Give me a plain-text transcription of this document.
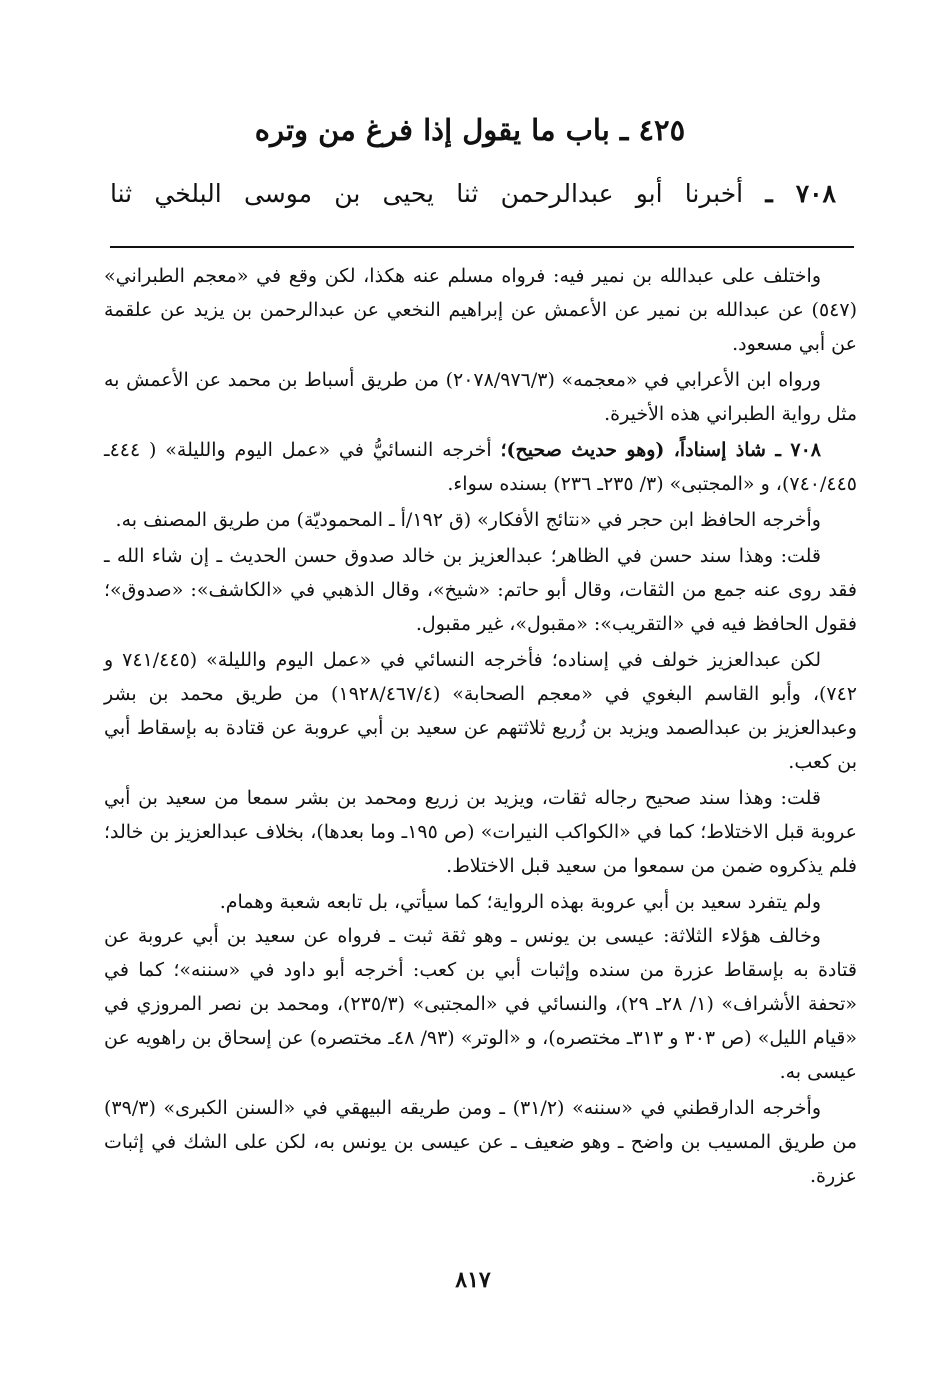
٤٢٥ ـ باب ما يقول إذا فرغ من وتره

٧٠٨ ـ أخبرنا أبو عبدالرحمن ثنا يحيى بن موسى البلخي ثنا

واختلف على عبدالله بن نمير فيه: فرواه مسلم عنه هكذا، لكن وقع في «معجم الطبراني» (٥٤٧) عن عبدالله بن نمير عن الأعمش عن إبراهيم النخعي عن عبدالرحمن بن يزيد عن علقمة عن أبي مسعود.

ورواه ابن الأعرابي في «معجمه» (٢٠٧٨/٩٧٦/٣) من طريق أسباط بن محمد عن الأعمش به مثل رواية الطبراني هذه الأخيرة.

٧٠٨ ـ شاذ إسناداً، (وهو حديث صحيح)؛ أخرجه النسائيُّ في «عمل اليوم والليلة» ( ٤٤٤ـ ٧٤٠/٤٤٥)، و «المجتبى» (٣/ ٢٣٥ـ ٢٣٦) بسنده سواء.

وأخرجه الحافظ ابن حجر في «نتائج الأفكار» (ق ١٩٢/أ ـ المحموديّة) من طريق المصنف به.

قلت: وهذا سند حسن في الظاهر؛ عبدالعزيز بن خالد صدوق حسن الحديث ـ إن شاء الله ـ فقد روى عنه جمع من الثقات، وقال أبو حاتم: «شيخ»، وقال الذهبي في «الكاشف»: «صدوق»؛ فقول الحافظ فيه في «التقريب»: «مقبول»، غير مقبول.

لكن عبدالعزيز خولف في إسناده؛ فأخرجه النسائي في «عمل اليوم والليلة» (٧٤١/٤٤٥ و ٧٤٢)، وأبو القاسم البغوي في «معجم الصحابة» (١٩٢٨/٤٦٧/٤) من طريق محمد بن بشر وعبدالعزيز بن عبدالصمد ويزيد بن زُريع ثلاثتهم عن سعيد بن أبي عروبة عن قتادة به بإسقاط أبي بن كعب.

قلت: وهذا سند صحيح رجاله ثقات، ويزيد بن زريع ومحمد بن بشر سمعا من سعيد بن أبي عروبة قبل الاختلاط؛ كما في «الكواكب النيرات» (ص ١٩٥ـ وما بعدها)، بخلاف عبدالعزيز بن خالد؛ فلم يذكروه ضمن من سمعوا من سعيد قبل الاختلاط.

ولم يتفرد سعيد بن أبي عروبة بهذه الرواية؛ كما سيأتي، بل تابعه شعبة وهمام.

وخالف هؤلاء الثلاثة: عيسى بن يونس ـ وهو ثقة ثبت ـ فرواه عن سعيد بن أبي عروبة عن قتادة به بإسقاط عزرة من سنده وإثبات أبي بن كعب: أخرجه أبو داود في «سننه»؛ كما في «تحفة الأشراف» (١/ ٢٨ـ ٢٩)، والنسائي في «المجتبى» (٢٣٥/٣)، ومحمد بن نصر المروزي في «قيام الليل» (ص ٣٠٣ و ٣١٣ـ مختصره)، و «الوتر» (٩٣/ ٤٨ـ مختصره) عن إسحاق بن راهويه عن عيسى به.

وأخرجه الدارقطني في «سننه» (٣١/٢) ـ ومن طريقه البيهقي في «السنن الكبرى» (٣٩/٣) من طريق المسيب بن واضح ـ وهو ضعيف ـ عن عيسى بن يونس به، لكن على الشك في إثبات عزرة.

٨١٧
